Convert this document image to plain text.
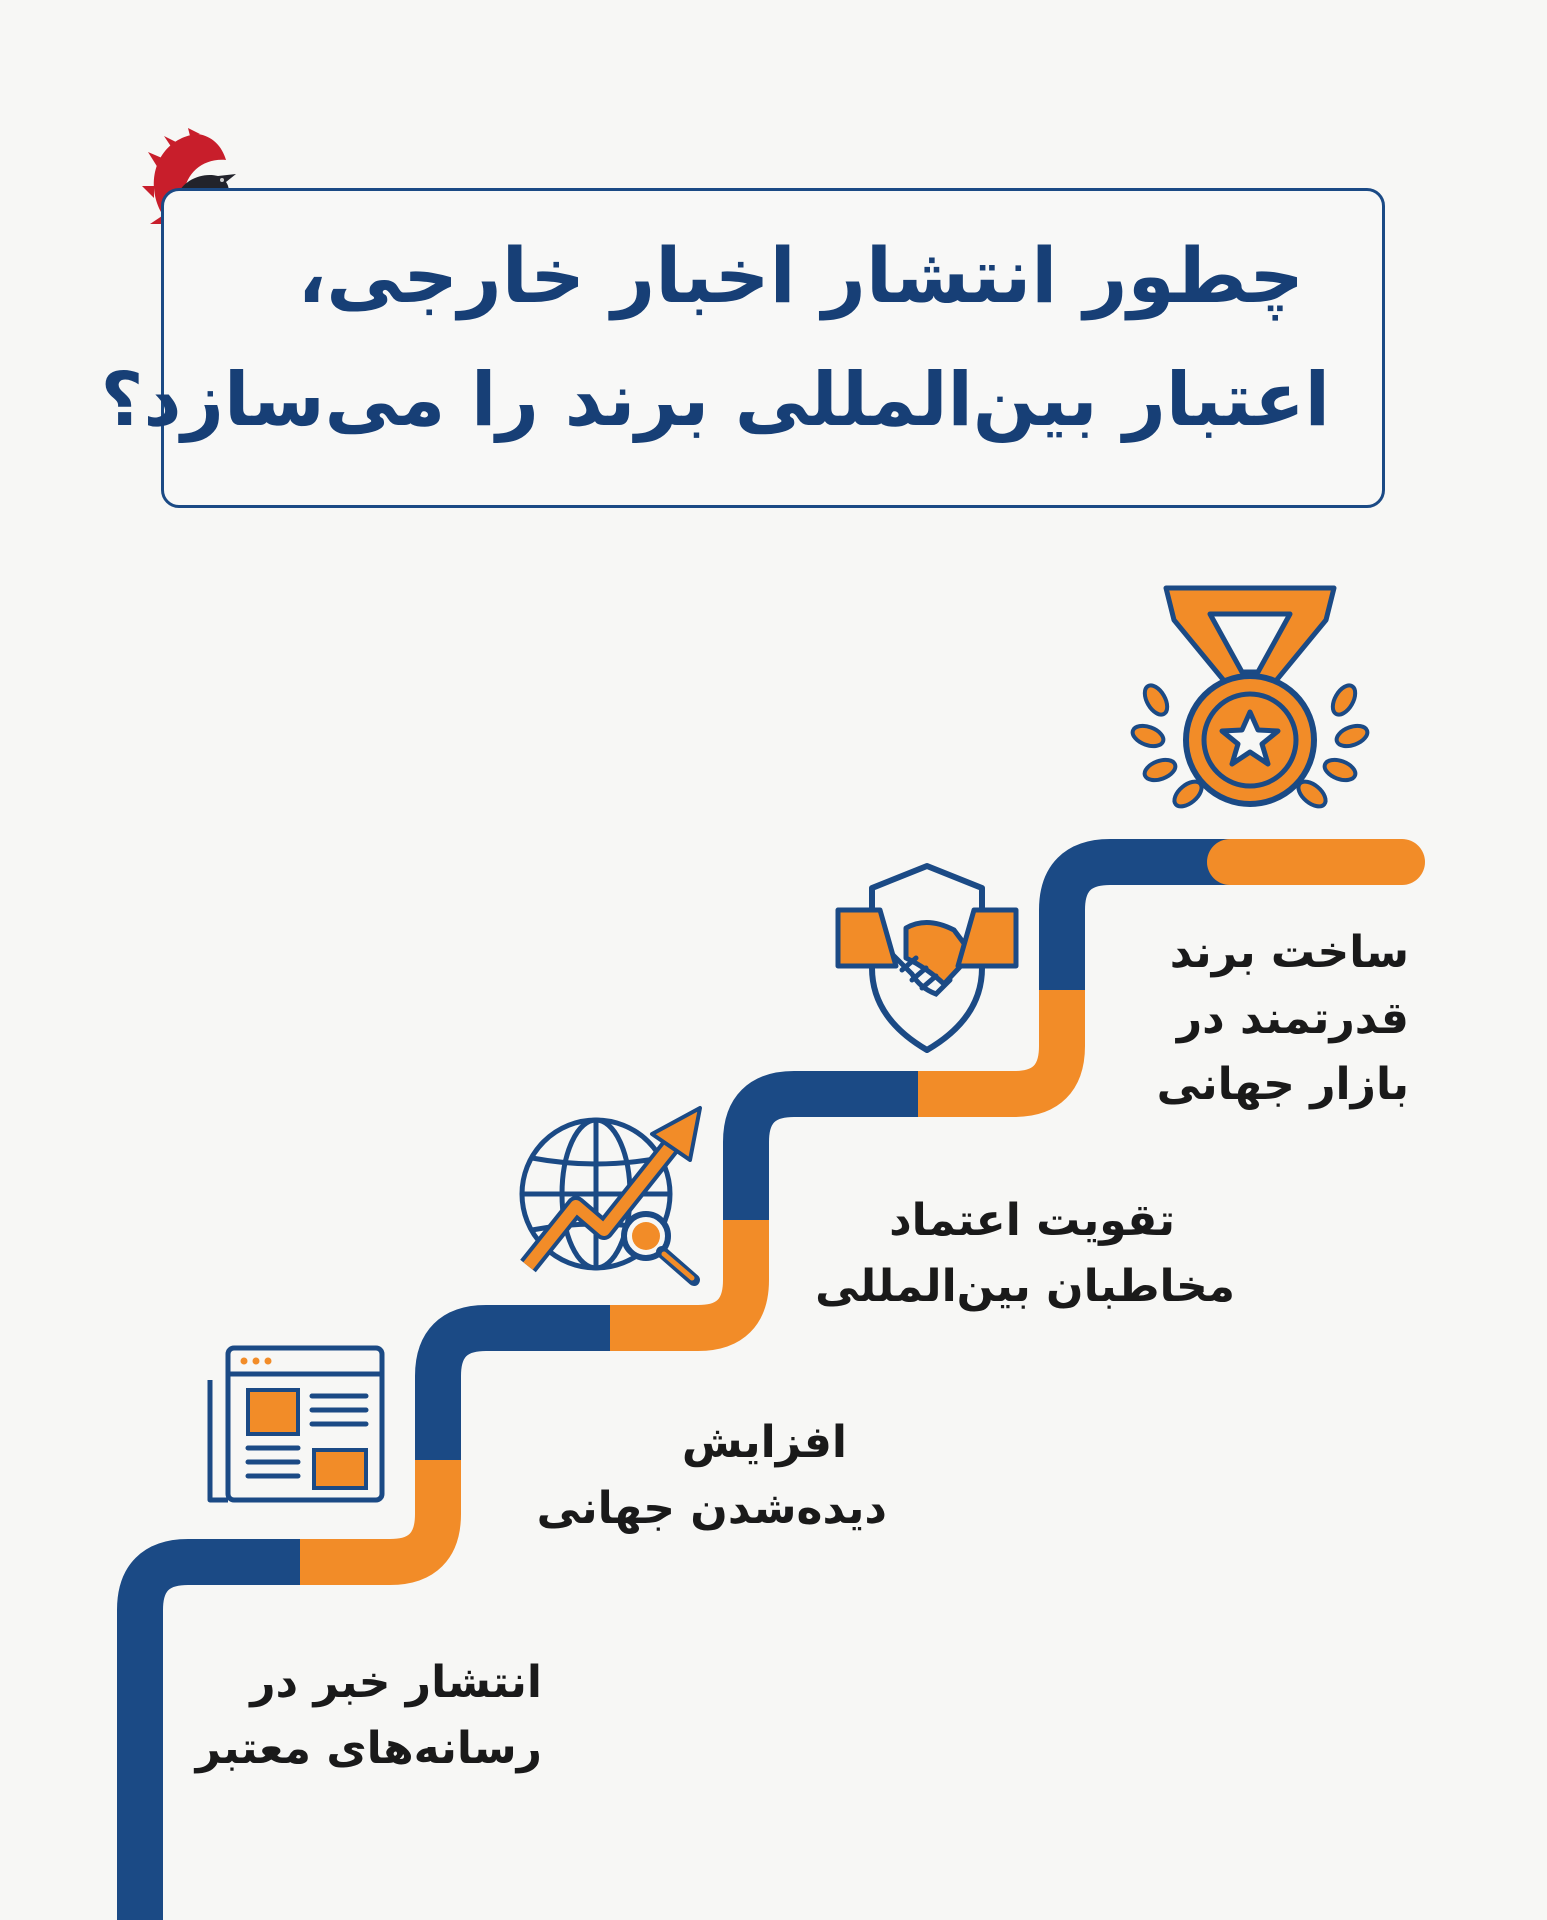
چطور انتشار اخبار خارجی،
اعتبار بین‌المللی برند را می‌سازد؟
انتشار خبر در
رسانه‌های معتبر
افزایش
دیده‌شدن جهانی
تقویت اعتماد
مخاطبان بین‌المللی
ساخت برند
قدرتمند در
بازار جهانی
